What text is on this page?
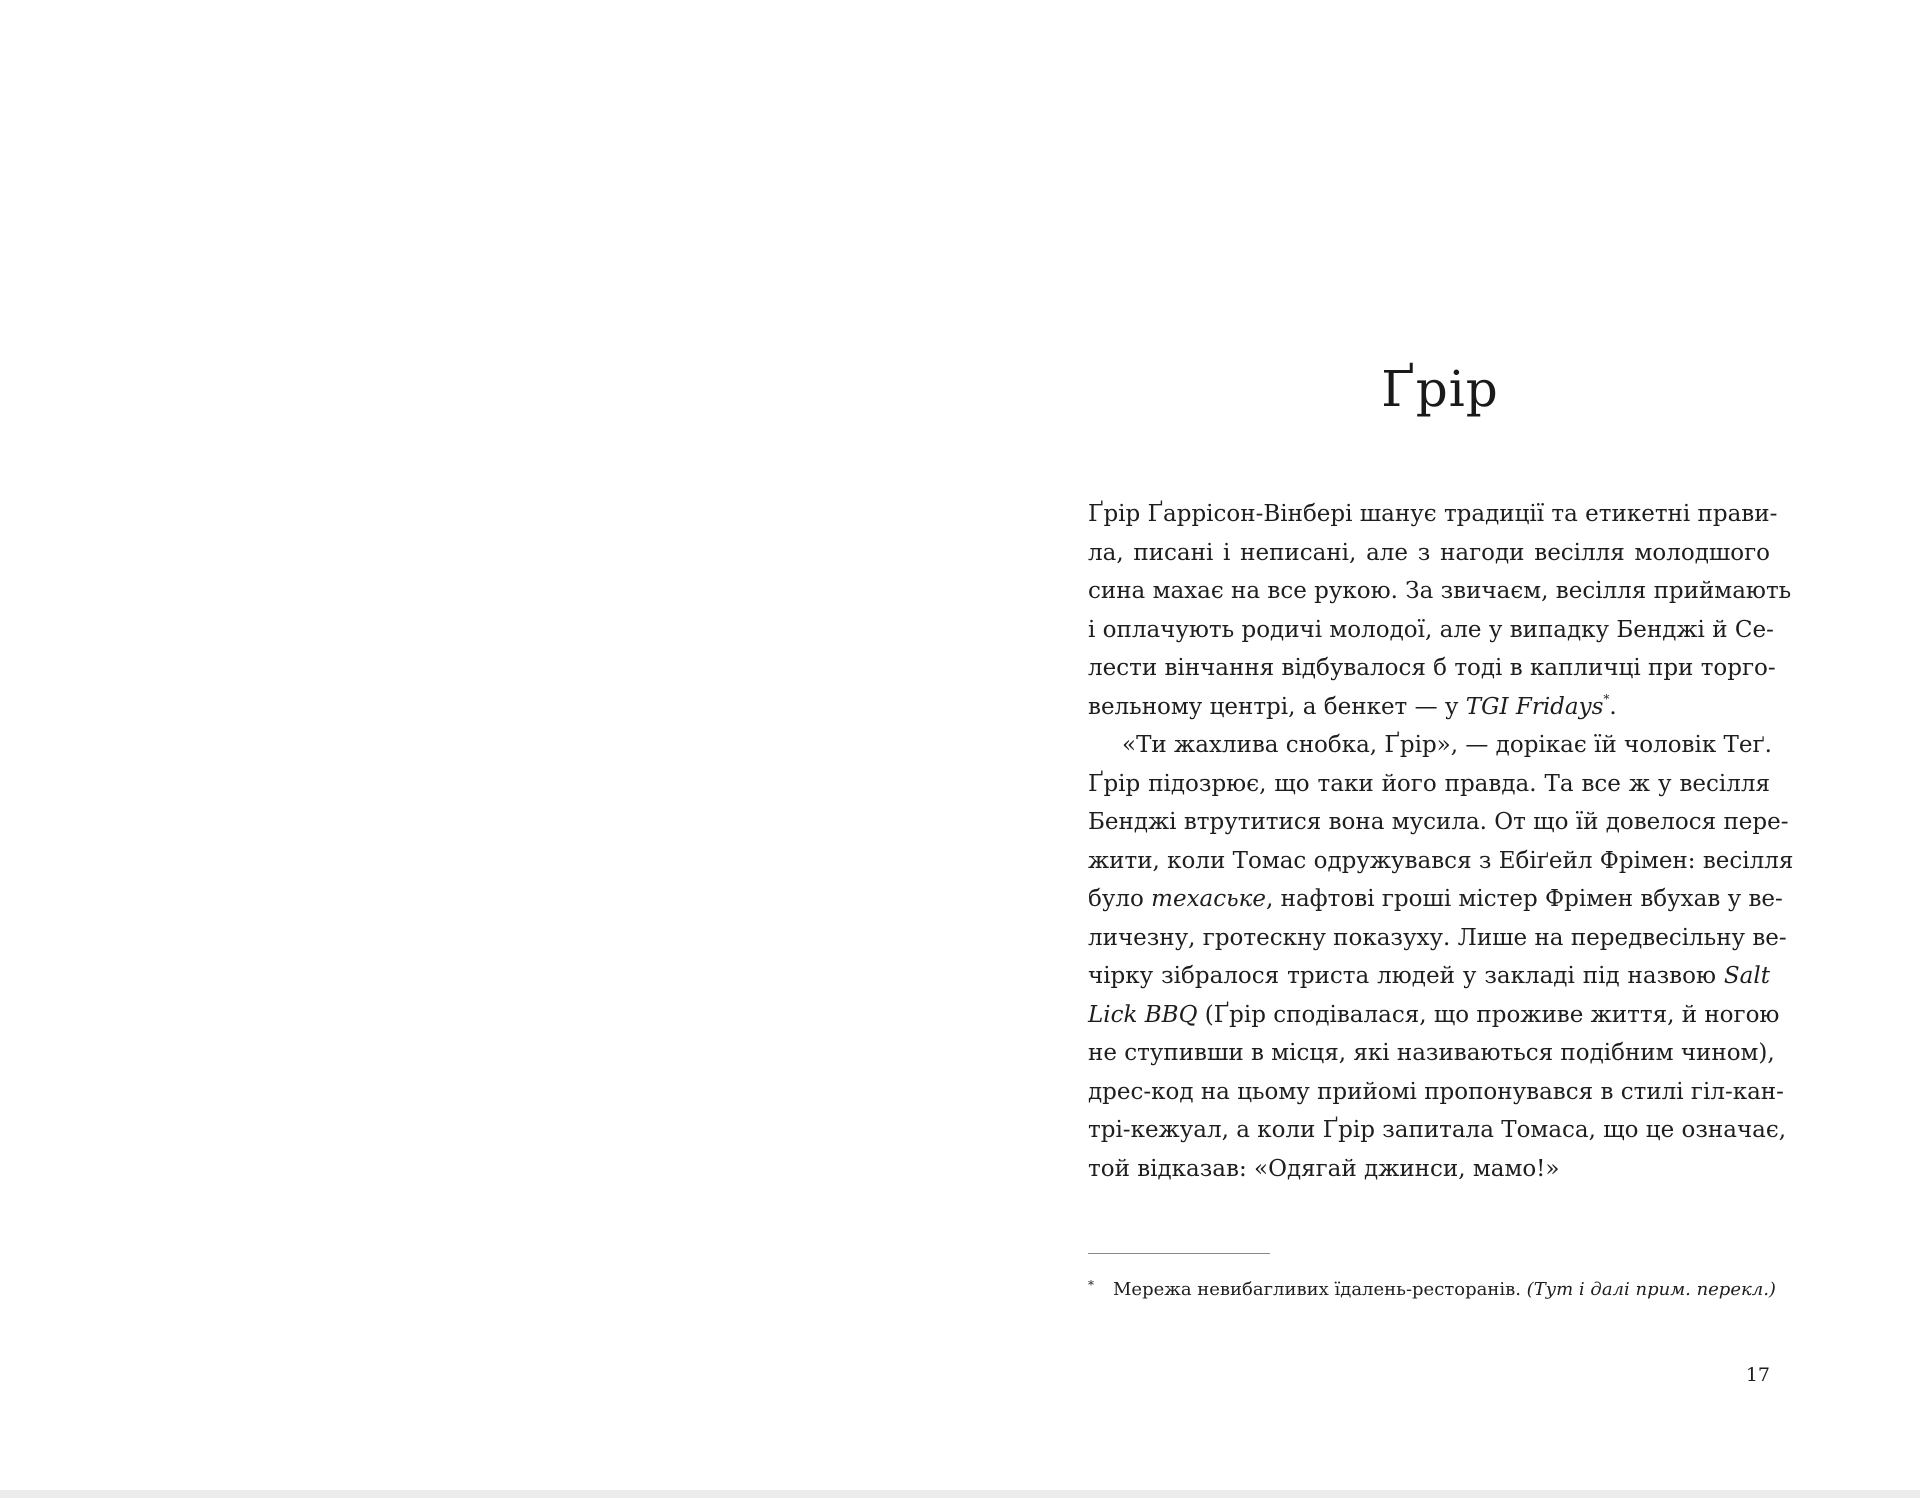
Ґрір
Ґрір Ґаррісон-Вінбері шанує традиції та етикетні прави-
ла, писані і неписані, але з нагоди весілля молодшого
сина махає на все рукою. За звичаєм, весілля приймають
і оплачують родичі молодої, але у випадку Бенджі й Се-
лести вінчання відбувалося б тоді в капличці при торго-
вельному центрі, а бенкет — у TGI Fridays*.
«Ти жахлива снобка, Ґрір», — дорікає їй чоловік Теґ.
Ґрір підозрює, що таки його правда. Та все ж у весілля
Бенджі втрутитися вона мусила. От що їй довелося пере-
жити, коли Томас одружувався з Ебіґейл Фрімен: весілля
було техаське, нафтові гроші містер Фрімен вбухав у ве-
личезну, гротескну показуху. Лише на передвесільну ве-
чірку зібралося триста людей у закладі під назвою Salt
Lick BBQ (Ґрір сподівалася, що проживе життя, й ногою
не ступивши в місця, які називаються подібним чином),
дрес-код на цьому прийомі пропонувався в стилі гіл-кан-
трі-кежуал, а коли Ґрір запитала Томаса, що це означає,
той відказав: «Одягай джинси, мамо!»
* Мережа невибагливих їдалень-ресторанів. (Тут і далі прим. перекл.)
17
